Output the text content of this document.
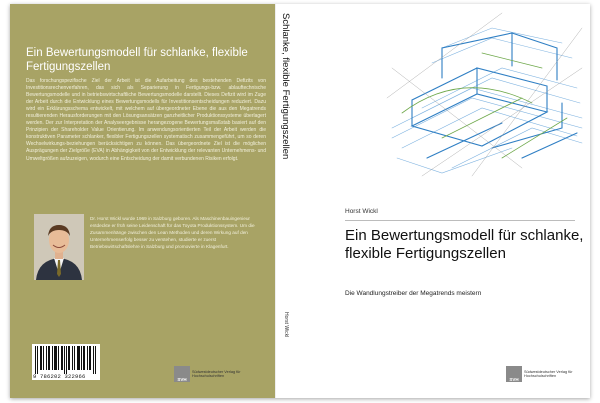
Ein Bewertungsmodell für schlanke, flexible Fertigungszellen
Das forschungspezifische Ziel der Arbeit ist die Aufarbeitung des bestehenden Defizits von Investitionsrechenverfahren, das sich als Separierung in Fertigungs-bzw. ablauftechnische Bewertungsmodelle und in betriebswirtschaftliche Bewertungsmodelle darstellt. Dieses Defizit wird im Zuge der Arbeit durch die Entwicklung eines Bewertungsmodells für Investitionsentscheidungen reduziert. Dazu wird ein Erklärungsschema entwickelt, mit welchem auf übergeordneter Ebene die aus den Megatrends resultierenden Herausforderungen mit den Lösungsansätzen ganzheitlicher Produktionssysteme überlagert werden. Der zur Interpretation der Analyseergebnisse herangezogene Bewertungsmaßstab basiert auf den Prinzipien der Shareholder Value Orientierung. Im anwendungsorientierten Teil der Arbeit werden die konstruktiven Parameter schlanker, flexibler Fertigungszellen systematisch zusammengeführt, um so deren Wechselwirkungs-beziehungen berücksichtigen zu können. Das übergeordnete Ziel ist die möglichen Ausprägungen der Zielgröße (EVA) in Abhängigkeit von der Entwicklung der relevanten Unternehmens- und Umweltgrößen aufzuzeigen, wodurch eine Entscheidung der damit verbundenen Risiken erfolgt.
Dr. Horst Wickl wurde 1969 in Salzburg geboren. Als Maschinenbauingenieur entdeckte er früh seine Leidenschaft für das Toyota Produktionssystem. Um die Zusammenhänge zwischen den Lean Methoden und deren Wirkung auf den Unternehmenserfolg besser zu verstehen, studierte er zuerst Betriebswirtschaftslehre in Salzburg und promovierte in Klagenfurt.
9 786202 322966	SVH
Südwestdeutscher Verlag für Hochschulschriften
Schlanke, flexible Fertigungszellen
Horst Wickl
Horst Wickl
Ein Bewertungsmodell für schlanke, flexible Fertigungszellen
Die Wandlungstreiber der Megatrends meistern
SVH
Südwestdeutscher Verlag für Hochschulschriften
